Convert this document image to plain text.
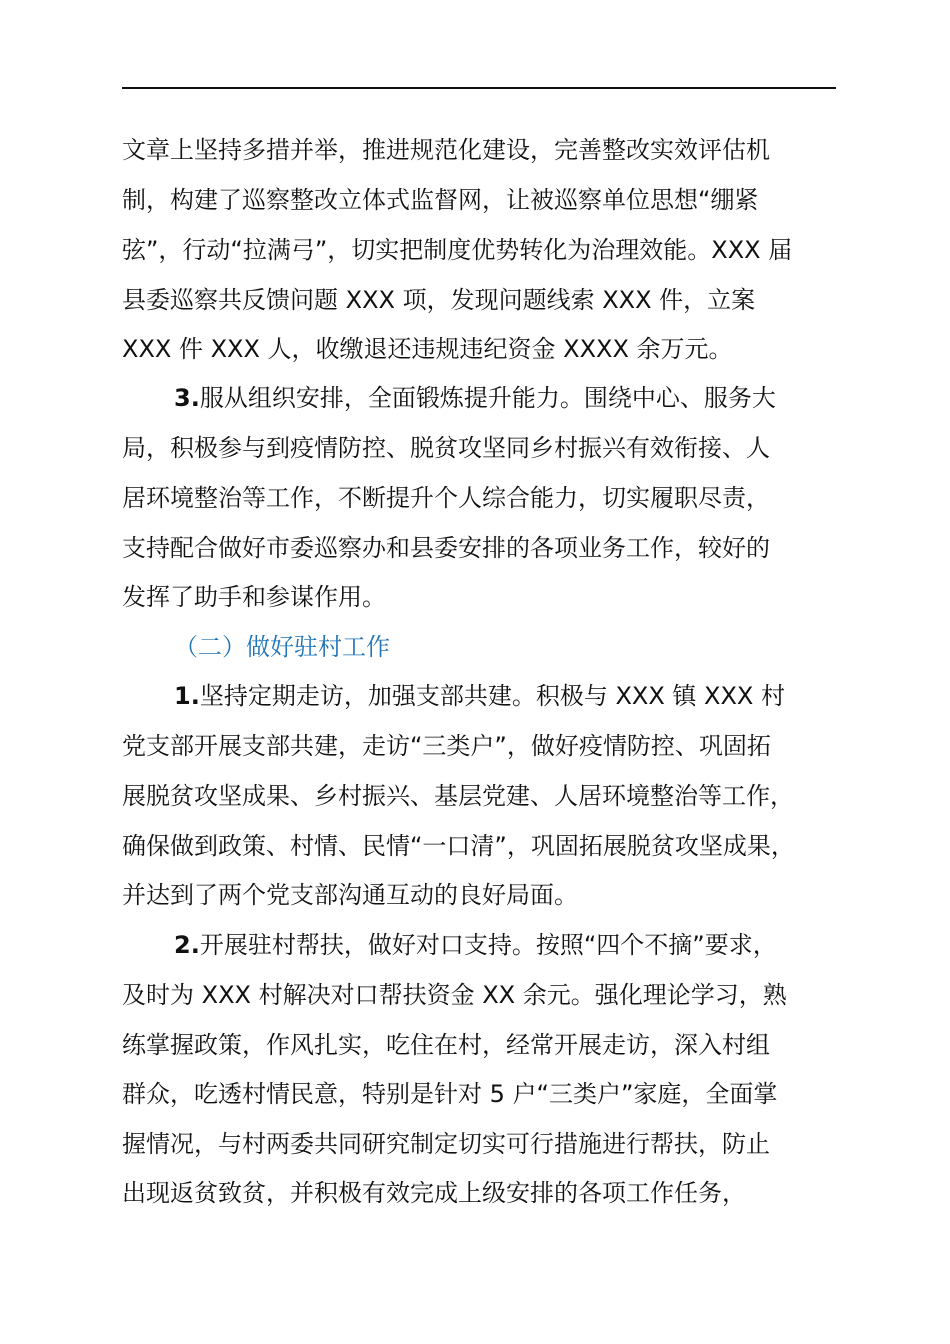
文章上坚持多措并举，推进规范化建设，完善整改实效评估机
制，构建了巡察整改立体式监督网，让被巡察单位思想“绷紧
弦”，行动“拉满弓”，切实把制度优势转化为治理效能。XXX 届
县委巡察共反馈问题 XXX 项，发现问题线索 XXX 件，立案
XXX 件 XXX 人，收缴退还违规违纪资金 XXXX 余万元。
3.服从组织安排，全面锻炼提升能力。围绕中心、服务大
局，积极参与到疫情防控、脱贫攻坚同乡村振兴有效衔接、人
居环境整治等工作，不断提升个人综合能力，切实履职尽责，
支持配合做好市委巡察办和县委安排的各项业务工作，较好的
发挥了助手和参谋作用。
（二）做好驻村工作
1.坚持定期走访，加强支部共建。积极与 XXX 镇 XXX 村
党支部开展支部共建，走访“三类户”，做好疫情防控、巩固拓
展脱贫攻坚成果、乡村振兴、基层党建、人居环境整治等工作，
确保做到政策、村情、民情“一口清”，巩固拓展脱贫攻坚成果，
并达到了两个党支部沟通互动的良好局面。
2.开展驻村帮扶，做好对口支持。按照“四个不摘”要求，
及时为 XXX 村解决对口帮扶资金 XX 余元。强化理论学习，熟
练掌握政策，作风扎实，吃住在村，经常开展走访，深入村组
群众，吃透村情民意，特别是针对 5 户“三类户”家庭，全面掌
握情况，与村两委共同研究制定切实可行措施进行帮扶，防止
出现返贫致贫，并积极有效完成上级安排的各项工作任务，
